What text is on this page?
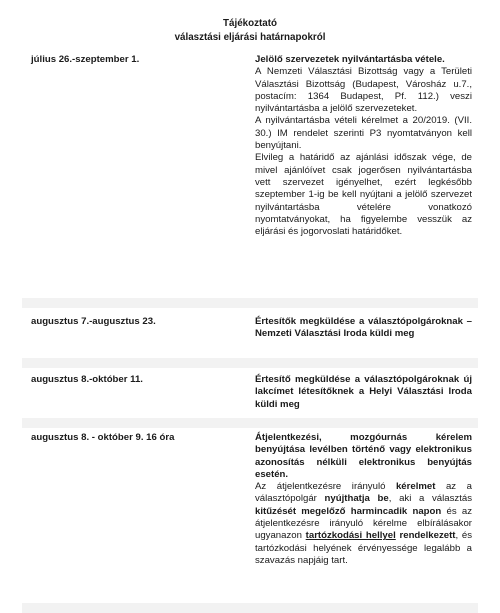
Tájékoztató
választási eljárási határnapokról
július 26.-szeptember 1.	Jelölő szervezetek nyilvántartásba vétele.

A Nemzeti Választási Bizottság vagy a Területi Választási Bizottság (Budapest, Városház u.7., postacím: 1364 Budapest, Pf. 112.) veszi nyilvántartásba a jelölő szervezeteket.

A nyilvántartásba vételi kérelmet a 20/2019. (VII. 30.) IM rendelet szerinti P3 nyomtatványon kell benyújtani.

Elvileg a határidő az ajánlási időszak vége, de mivel ajánlóívet csak jogerősen nyilvántartásba vett szervezet igényelhet, ezért legkésőbb szeptember 1-ig be kell nyújtani a jelölő szervezet nyilvántartásba vételére vonatkozó nyomtatványokat, ha figyelembe vesszük az eljárási és jogorvoslati határidőket.

augusztus 7.-augusztus 23.	Értesítők megküldése a választópolgároknak – Nemzeti Választási Iroda küldi meg

augusztus 8.-október 11.	Értesítő megküldése a választópolgároknak új lakcímet létesítőknek a Helyi Választási Iroda küldi meg

augusztus 8. - október 9. 16 óra	Átjelentkezési, mozgóurnás kérelem benyújtása levélben történő vagy elektronikus azonosítás nélküli elektronikus benyújtás esetén.

Az átjelentkezésre irányuló kérelmet az a választópolgár nyújthatja be, aki a választás kitűzését megelőző harmincadik napon és az átjelentkezésre irányuló kérelme elbírálásakor ugyanazon tartózkodási hellyel rendelkezett, és tartózkodási helyének érvényessége legalább a szavazás napjáig tart.
